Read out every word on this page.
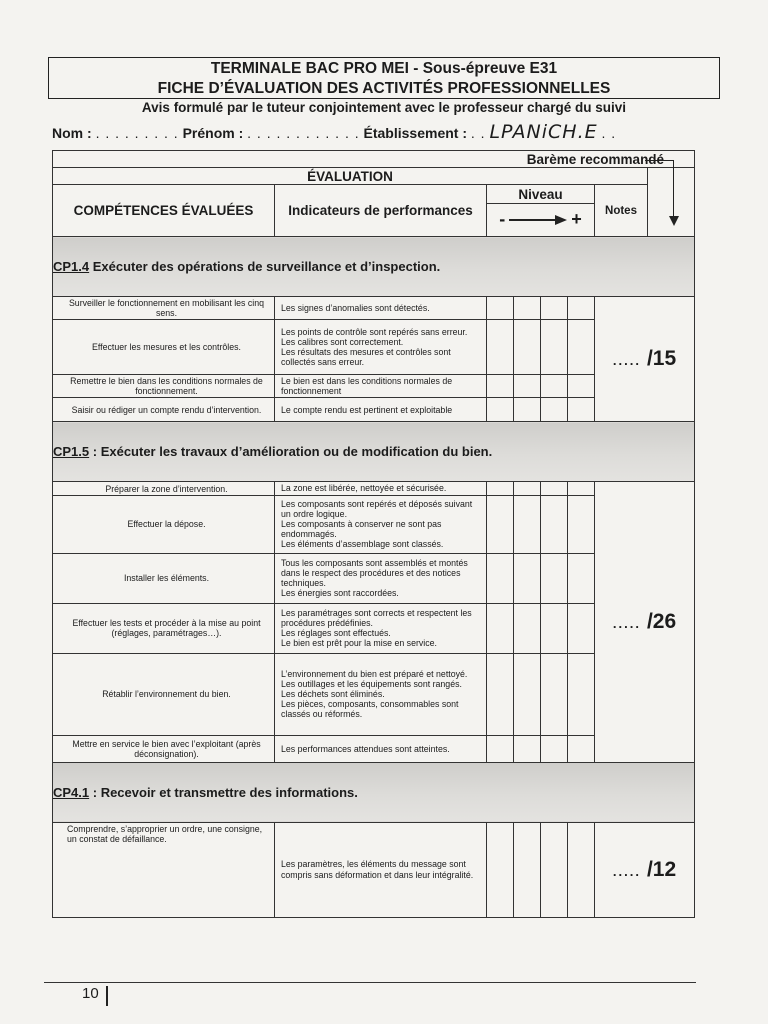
TERMINALE BAC PRO MEI - Sous-épreuve E31
FICHE D’ÉVALUATION DES ACTIVITÉS PROFESSIONNELLES
Avis formulé par le tuteur conjointement avec le professeur chargé du suivi
Nom : . . . . . . . . . Prénom : . . . . . . . . . . . . Établissement : . . LPANiCH.E . .
Barème recommandé							
ÉVALUATION							
COMPÉTENCES ÉVALUÉES	Indicateurs de performances	Niveau
- +				Notes	
CP1.4 Exécuter des opérations de surveillance et d’inspection.							
Surveiller le fonctionnement en mobilisant les cinq sens.	Les signes d’anomalies sont détectés.					..... /15	
Effectuer les mesures et les contrôles.	Les points de contrôle sont repérés sans erreur.
Les calibres sont correctement.
Les résultats des mesures et contrôles sont collectés sans erreur.						
Remettre le bien dans les conditions normales de fonctionnement.	Le bien est dans les conditions normales de fonctionnement						
Saisir ou rédiger un compte rendu d’intervention.	Le compte rendu est pertinent et exploitable						
CP1.5 : Exécuter les travaux d’amélioration ou de modification du bien.							
Préparer la zone d’intervention.	La zone est libérée, nettoyée et sécurisée.					..... /26	
Effectuer la dépose.	Les composants sont repérés et déposés suivant un ordre logique.
Les composants à conserver ne sont pas endommagés.
Les éléments d’assemblage sont classés.						
Installer les éléments.	Tous les composants sont assemblés et montés dans le respect des procédures et des notices techniques.
Les énergies sont raccordées.						
Effectuer les tests et procéder à la mise au point (réglages, paramétrages…).	Les paramétrages sont corrects et respectent les procédures prédéfinies.
Les réglages sont effectués.
Le bien est prêt pour la mise en service.						
Rétablir l’environnement du bien.	L’environnement du bien est préparé et nettoyé.
Les outillages et les équipements sont rangés.
Les déchets sont éliminés.
Les pièces, composants, consommables sont classés ou réformés.						
Mettre en service le bien avec l’exploitant (après déconsignation).	Les performances attendues sont atteintes.						
CP4.1 : Recevoir et transmettre des informations.							
Comprendre, s’approprier un ordre, une consigne, un constat de défaillance.	Les paramètres, les éléments du message sont compris sans déformation et dans leur intégralité.					..... /12	
10
